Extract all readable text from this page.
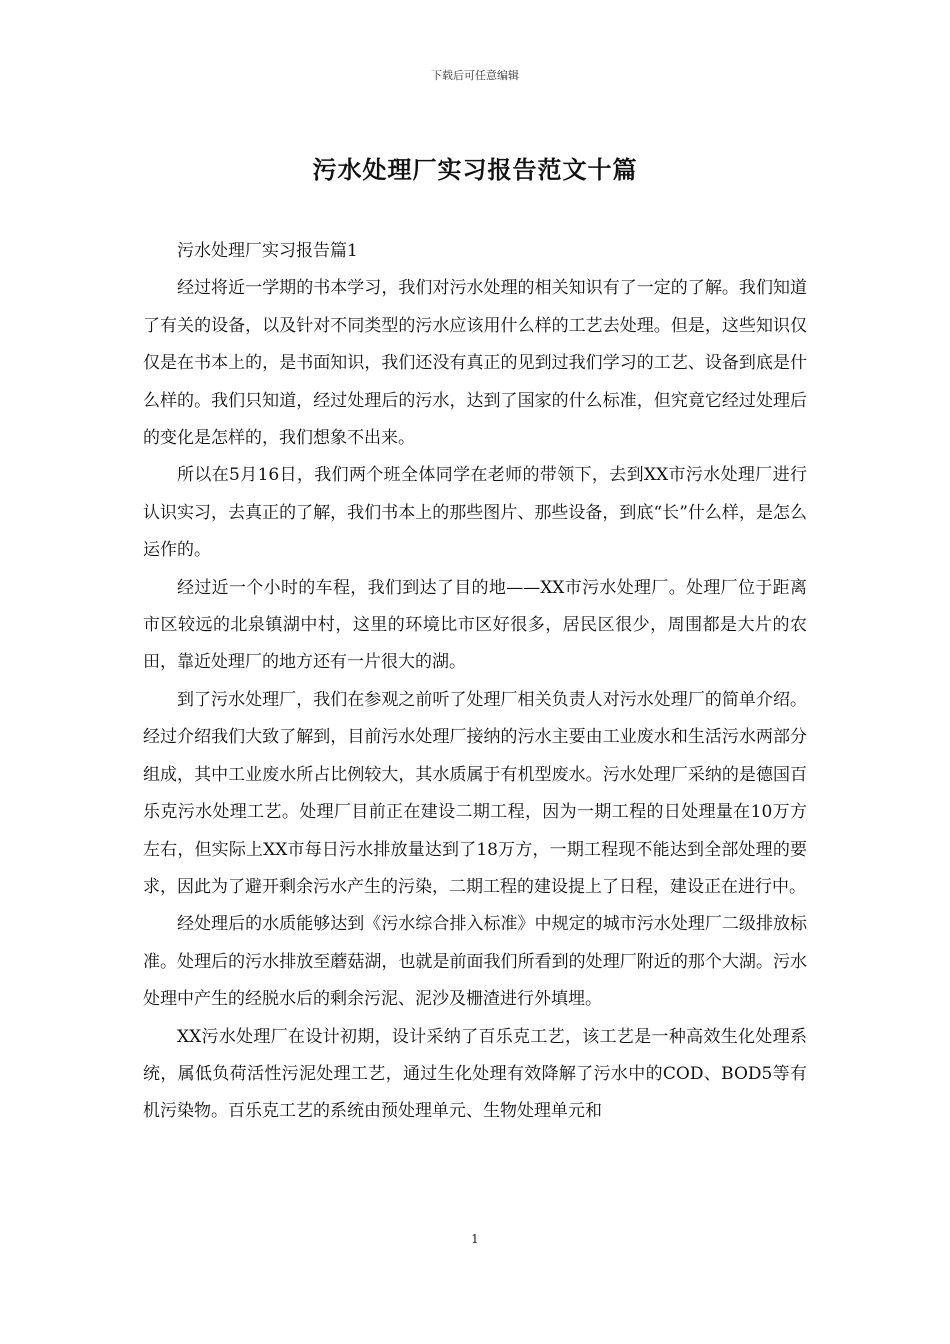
下载后可任意编辑
污水处理厂实习报告范文十篇

污水处理厂实习报告篇1

经过将近一学期的书本学习，我们对污水处理的相关知识有了一定的了解。我们知道了有关的设备，以及针对不同类型的污水应该用什么样的工艺去处理。但是，这些知识仅仅是在书本上的，是书面知识，我们还没有真正的见到过我们学习的工艺、设备到底是什么样的。我们只知道，经过处理后的污水，达到了国家的什么标准，但究竟它经过处理后的变化是怎样的，我们想象不出来。

所以在5月16日，我们两个班全体同学在老师的带领下，去到XX市污水处理厂进行认识实习，去真正的了解，我们书本上的那些图片、那些设备，到底“长”什么样，是怎么运作的。

经过近一个小时的车程，我们到达了目的地——XX市污水处理厂。处理厂位于距离市区较远的北泉镇湖中村，这里的环境比市区好很多，居民区很少，周围都是大片的农田，靠近处理厂的地方还有一片很大的湖。

到了污水处理厂，我们在参观之前听了处理厂相关负责人对污水处理厂的简单介绍。经过介绍我们大致了解到，目前污水处理厂接纳的污水主要由工业废水和生活污水两部分组成，其中工业废水所占比例较大，其水质属于有机型废水。污水处理厂采纳的是德国百乐克污水处理工艺。处理厂目前正在建设二期工程，因为一期工程的日处理量在10万方左右，但实际上XX市每日污水排放量达到了18万方，一期工程现不能达到全部处理的要求，因此为了避开剩余污水产生的污染，二期工程的建设提上了日程，建设正在进行中。

经处理后的水质能够达到《污水综合排入标准》中规定的城市污水处理厂二级排放标准。处理后的污水排放至蘑菇湖，也就是前面我们所看到的处理厂附近的那个大湖。污水处理中产生的经脱水后的剩余污泥、泥沙及栅渣进行外填埋。

XX污水处理厂在设计初期，设计采纳了百乐克工艺，该工艺是一种高效生化处理系统，属低负荷活性污泥处理工艺，通过生化处理有效降解了污水中的COD、BOD5等有机污染物。百乐克工艺的系统由预处理单元、生物处理单元和

1
